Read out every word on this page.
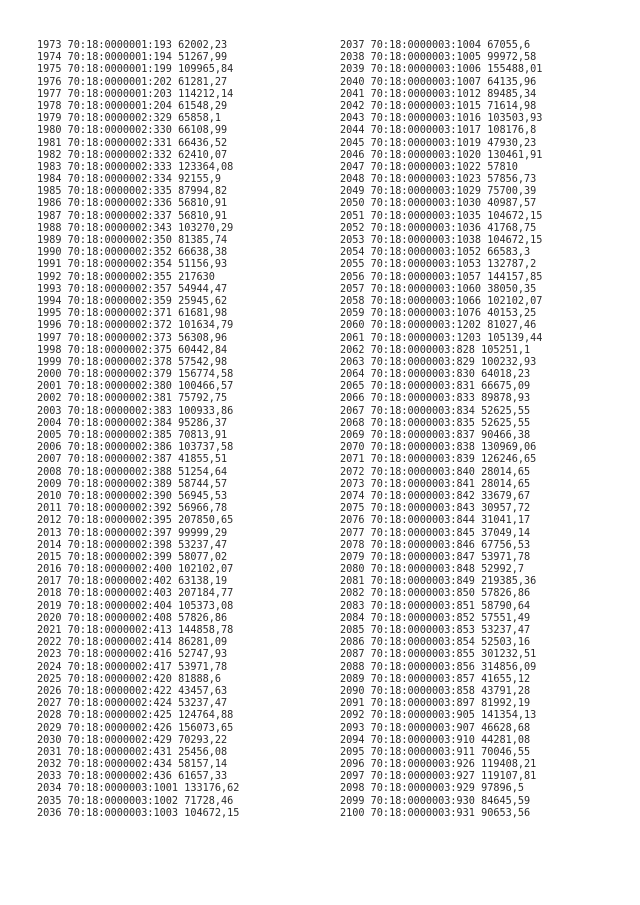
1973 70:18:0000001:193 62002,23
1974 70:18:0000001:194 51267,99
1975 70:18:0000001:199 109965,84
1976 70:18:0000001:202 61281,27
1977 70:18:0000001:203 114212,14
1978 70:18:0000001:204 61548,29
1979 70:18:0000002:329 65858,1
1980 70:18:0000002:330 66108,99
1981 70:18:0000002:331 66436,52
1982 70:18:0000002:332 62410,07
1983 70:18:0000002:333 123364,08
1984 70:18:0000002:334 92155,9
1985 70:18:0000002:335 87994,82
1986 70:18:0000002:336 56810,91
1987 70:18:0000002:337 56810,91
1988 70:18:0000002:343 103270,29
1989 70:18:0000002:350 81385,74
1990 70:18:0000002:352 66638,38
1991 70:18:0000002:354 51156,93
1992 70:18:0000002:355 217630
1993 70:18:0000002:357 54944,47
1994 70:18:0000002:359 25945,62
1995 70:18:0000002:371 61681,98
1996 70:18:0000002:372 101634,79
1997 70:18:0000002:373 56308,96
1998 70:18:0000002:375 60442,84
1999 70:18:0000002:378 57542,98
2000 70:18:0000002:379 156774,58
2001 70:18:0000002:380 100466,57
2002 70:18:0000002:381 75792,75
2003 70:18:0000002:383 100933,86
2004 70:18:0000002:384 95286,37
2005 70:18:0000002:385 70813,91
2006 70:18:0000002:386 103737,58
2007 70:18:0000002:387 41855,51
2008 70:18:0000002:388 51254,64
2009 70:18:0000002:389 58744,57
2010 70:18:0000002:390 56945,53
2011 70:18:0000002:392 56966,78
2012 70:18:0000002:395 207850,65
2013 70:18:0000002:397 99999,29
2014 70:18:0000002:398 53237,47
2015 70:18:0000002:399 58077,02
2016 70:18:0000002:400 102102,07
2017 70:18:0000002:402 63138,19
2018 70:18:0000002:403 207184,77
2019 70:18:0000002:404 105373,08
2020 70:18:0000002:408 57826,86
2021 70:18:0000002:413 144858,78
2022 70:18:0000002:414 86281,09
2023 70:18:0000002:416 52747,93
2024 70:18:0000002:417 53971,78
2025 70:18:0000002:420 81888,6
2026 70:18:0000002:422 43457,63
2027 70:18:0000002:424 53237,47
2028 70:18:0000002:425 124764,88
2029 70:18:0000002:426 156073,65
2030 70:18:0000002:429 70293,22
2031 70:18:0000002:431 25456,08
2032 70:18:0000002:434 58157,14
2033 70:18:0000002:436 61657,33
2034 70:18:0000003:1001 133176,62
2035 70:18:0000003:1002 71728,46
2036 70:18:0000003:1003 104672,15
2037 70:18:0000003:1004 67055,6
2038 70:18:0000003:1005 99972,58
2039 70:18:0000003:1006 155488,01
2040 70:18:0000003:1007 64135,96
2041 70:18:0000003:1012 89485,34
2042 70:18:0000003:1015 71614,98
2043 70:18:0000003:1016 103503,93
2044 70:18:0000003:1017 108176,8
2045 70:18:0000003:1019 47930,23
2046 70:18:0000003:1020 130461,91
2047 70:18:0000003:1022 57810
2048 70:18:0000003:1023 57856,73
2049 70:18:0000003:1029 75700,39
2050 70:18:0000003:1030 40987,57
2051 70:18:0000003:1035 104672,15
2052 70:18:0000003:1036 41768,75
2053 70:18:0000003:1038 104672,15
2054 70:18:0000003:1052 66583,3
2055 70:18:0000003:1053 132787,2
2056 70:18:0000003:1057 144157,85
2057 70:18:0000003:1060 38050,35
2058 70:18:0000003:1066 102102,07
2059 70:18:0000003:1076 40153,25
2060 70:18:0000003:1202 81027,46
2061 70:18:0000003:1203 105139,44
2062 70:18:0000003:828 105251,1
2063 70:18:0000003:829 100232,93
2064 70:18:0000003:830 64018,23
2065 70:18:0000003:831 66675,09
2066 70:18:0000003:833 89878,93
2067 70:18:0000003:834 52625,55
2068 70:18:0000003:835 52625,55
2069 70:18:0000003:837 90466,38
2070 70:18:0000003:838 130969,06
2071 70:18:0000003:839 126246,65
2072 70:18:0000003:840 28014,65
2073 70:18:0000003:841 28014,65
2074 70:18:0000003:842 33679,67
2075 70:18:0000003:843 30957,72
2076 70:18:0000003:844 31041,17
2077 70:18:0000003:845 37049,14
2078 70:18:0000003:846 67756,53
2079 70:18:0000003:847 53971,78
2080 70:18:0000003:848 52992,7
2081 70:18:0000003:849 219385,36
2082 70:18:0000003:850 57826,86
2083 70:18:0000003:851 58790,64
2084 70:18:0000003:852 57551,49
2085 70:18:0000003:853 53237,47
2086 70:18:0000003:854 52503,16
2087 70:18:0000003:855 301232,51
2088 70:18:0000003:856 314856,09
2089 70:18:0000003:857 41655,12
2090 70:18:0000003:858 43791,28
2091 70:18:0000003:897 81992,19
2092 70:18:0000003:905 141354,13
2093 70:18:0000003:907 46628,68
2094 70:18:0000003:910 44281,08
2095 70:18:0000003:911 70046,55
2096 70:18:0000003:926 119408,21
2097 70:18:0000003:927 119107,81
2098 70:18:0000003:929 97896,5
2099 70:18:0000003:930 84645,59
2100 70:18:0000003:931 90653,56
